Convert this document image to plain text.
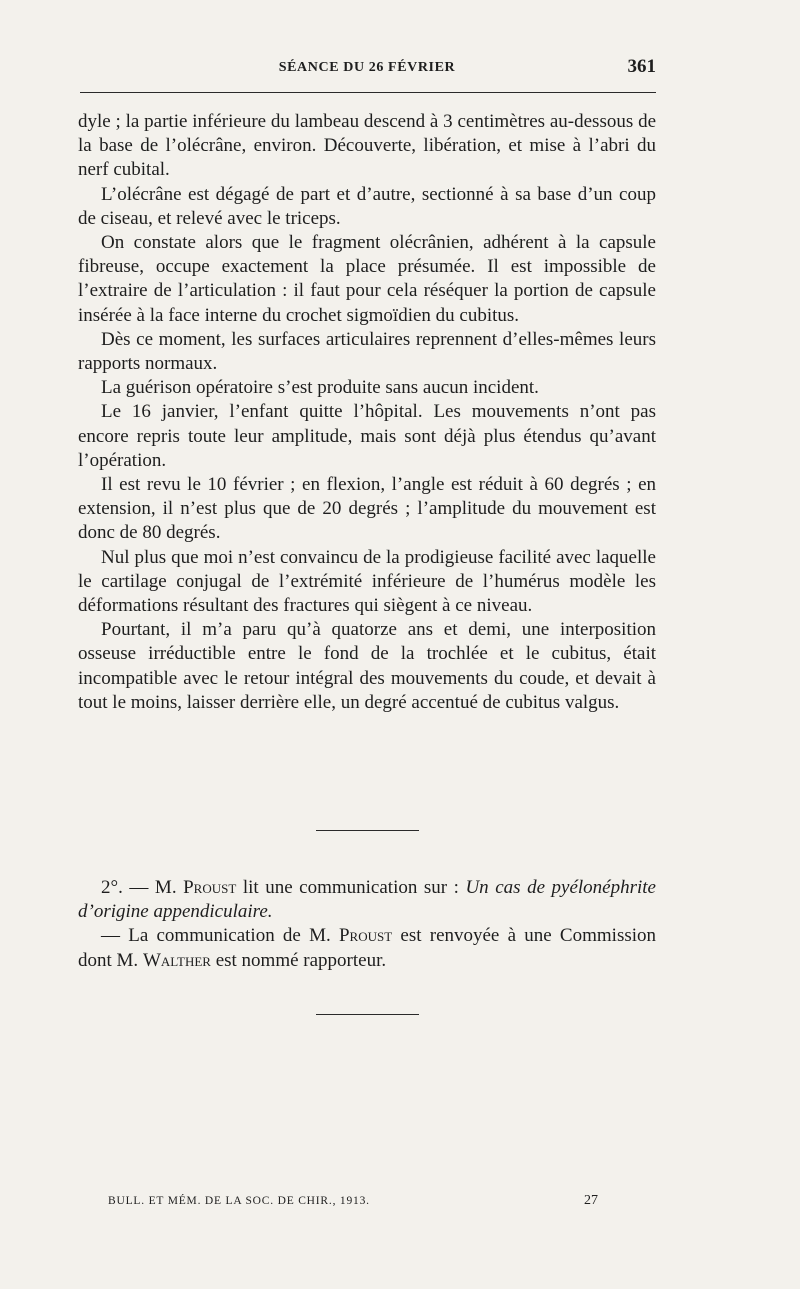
SÉANCE DU 26 FÉVRIER	361

dyle ; la partie inférieure du lambeau descend à 3 centimètres au-dessous de la base de l’olécrâne, environ. Découverte, libération, et mise à l’abri du nerf cubital.

L’olécrâne est dégagé de part et d’autre, sectionné à sa base d’un coup de ciseau, et relevé avec le triceps.

On constate alors que le fragment olécrânien, adhérent à la capsule fibreuse, occupe exactement la place présumée. Il est impossible de l’extraire de l’articulation : il faut pour cela réséquer la portion de capsule insérée à la face interne du crochet sigmoïdien du cubitus.

Dès ce moment, les surfaces articulaires reprennent d’elles-mêmes leurs rapports normaux.

La guérison opératoire s’est produite sans aucun incident.

Le 16 janvier, l’enfant quitte l’hôpital. Les mouvements n’ont pas encore repris toute leur amplitude, mais sont déjà plus étendus qu’avant l’opération.

Il est revu le 10 février ; en flexion, l’angle est réduit à 60 degrés ; en extension, il n’est plus que de 20 degrés ; l’amplitude du mouvement est donc de 80 degrés.

Nul plus que moi n’est convaincu de la prodigieuse facilité avec laquelle le cartilage conjugal de l’extrémité inférieure de l’humérus modèle les déformations résultant des fractures qui siègent à ce niveau.

Pourtant, il m’a paru qu’à quatorze ans et demi, une interposition osseuse irréductible entre le fond de la trochlée et le cubitus, était incompatible avec le retour intégral des mouvements du coude, et devait à tout le moins, laisser derrière elle, un degré accentué de cubitus valgus.

2°. — M. Proust lit une communication sur : Un cas de pyélonéphrite d’origine appendiculaire.

— La communication de M. Proust est renvoyée à une Commission dont M. Walther est nommé rapporteur.

BULL. ET MÉM. DE LA SOC. DE CHIR., 1913.	27
